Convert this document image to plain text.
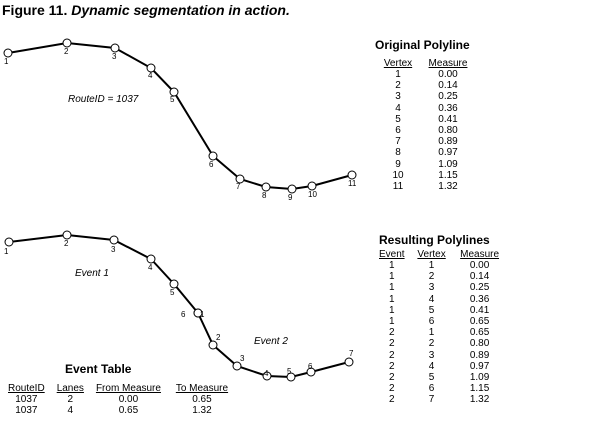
Figure 11. Dynamic segmentation in action.
1
2
3
4
5
6
7
8	9 10
11
1
2
3
4
5
6 1
2
3
4 5
6
7
RouteID = 1037
Event 1
Event 2
Original Polyline
Vertex	Measure
1	0.00
2	0.14
3	0.25
4	0.36
5	0.41
6	0.80
7	0.89
8	0.97
9	1.09
10	1.15
11	1.32
Resulting Polylines
Event	Vertex	Measure
1	1	0.00
1	2	0.14
1	3	0.25
1	4	0.36
1	5	0.41
1	6	0.65
2	1	0.65
2	2	0.80
2	3	0.89
2	4	0.97
2	5	1.09
2	6	1.15
2	7	1.32
Event Table
RouteID	Lanes	From Measure	To Measure
1037	2	0.00	0.65
1037	4	0.65	1.32
